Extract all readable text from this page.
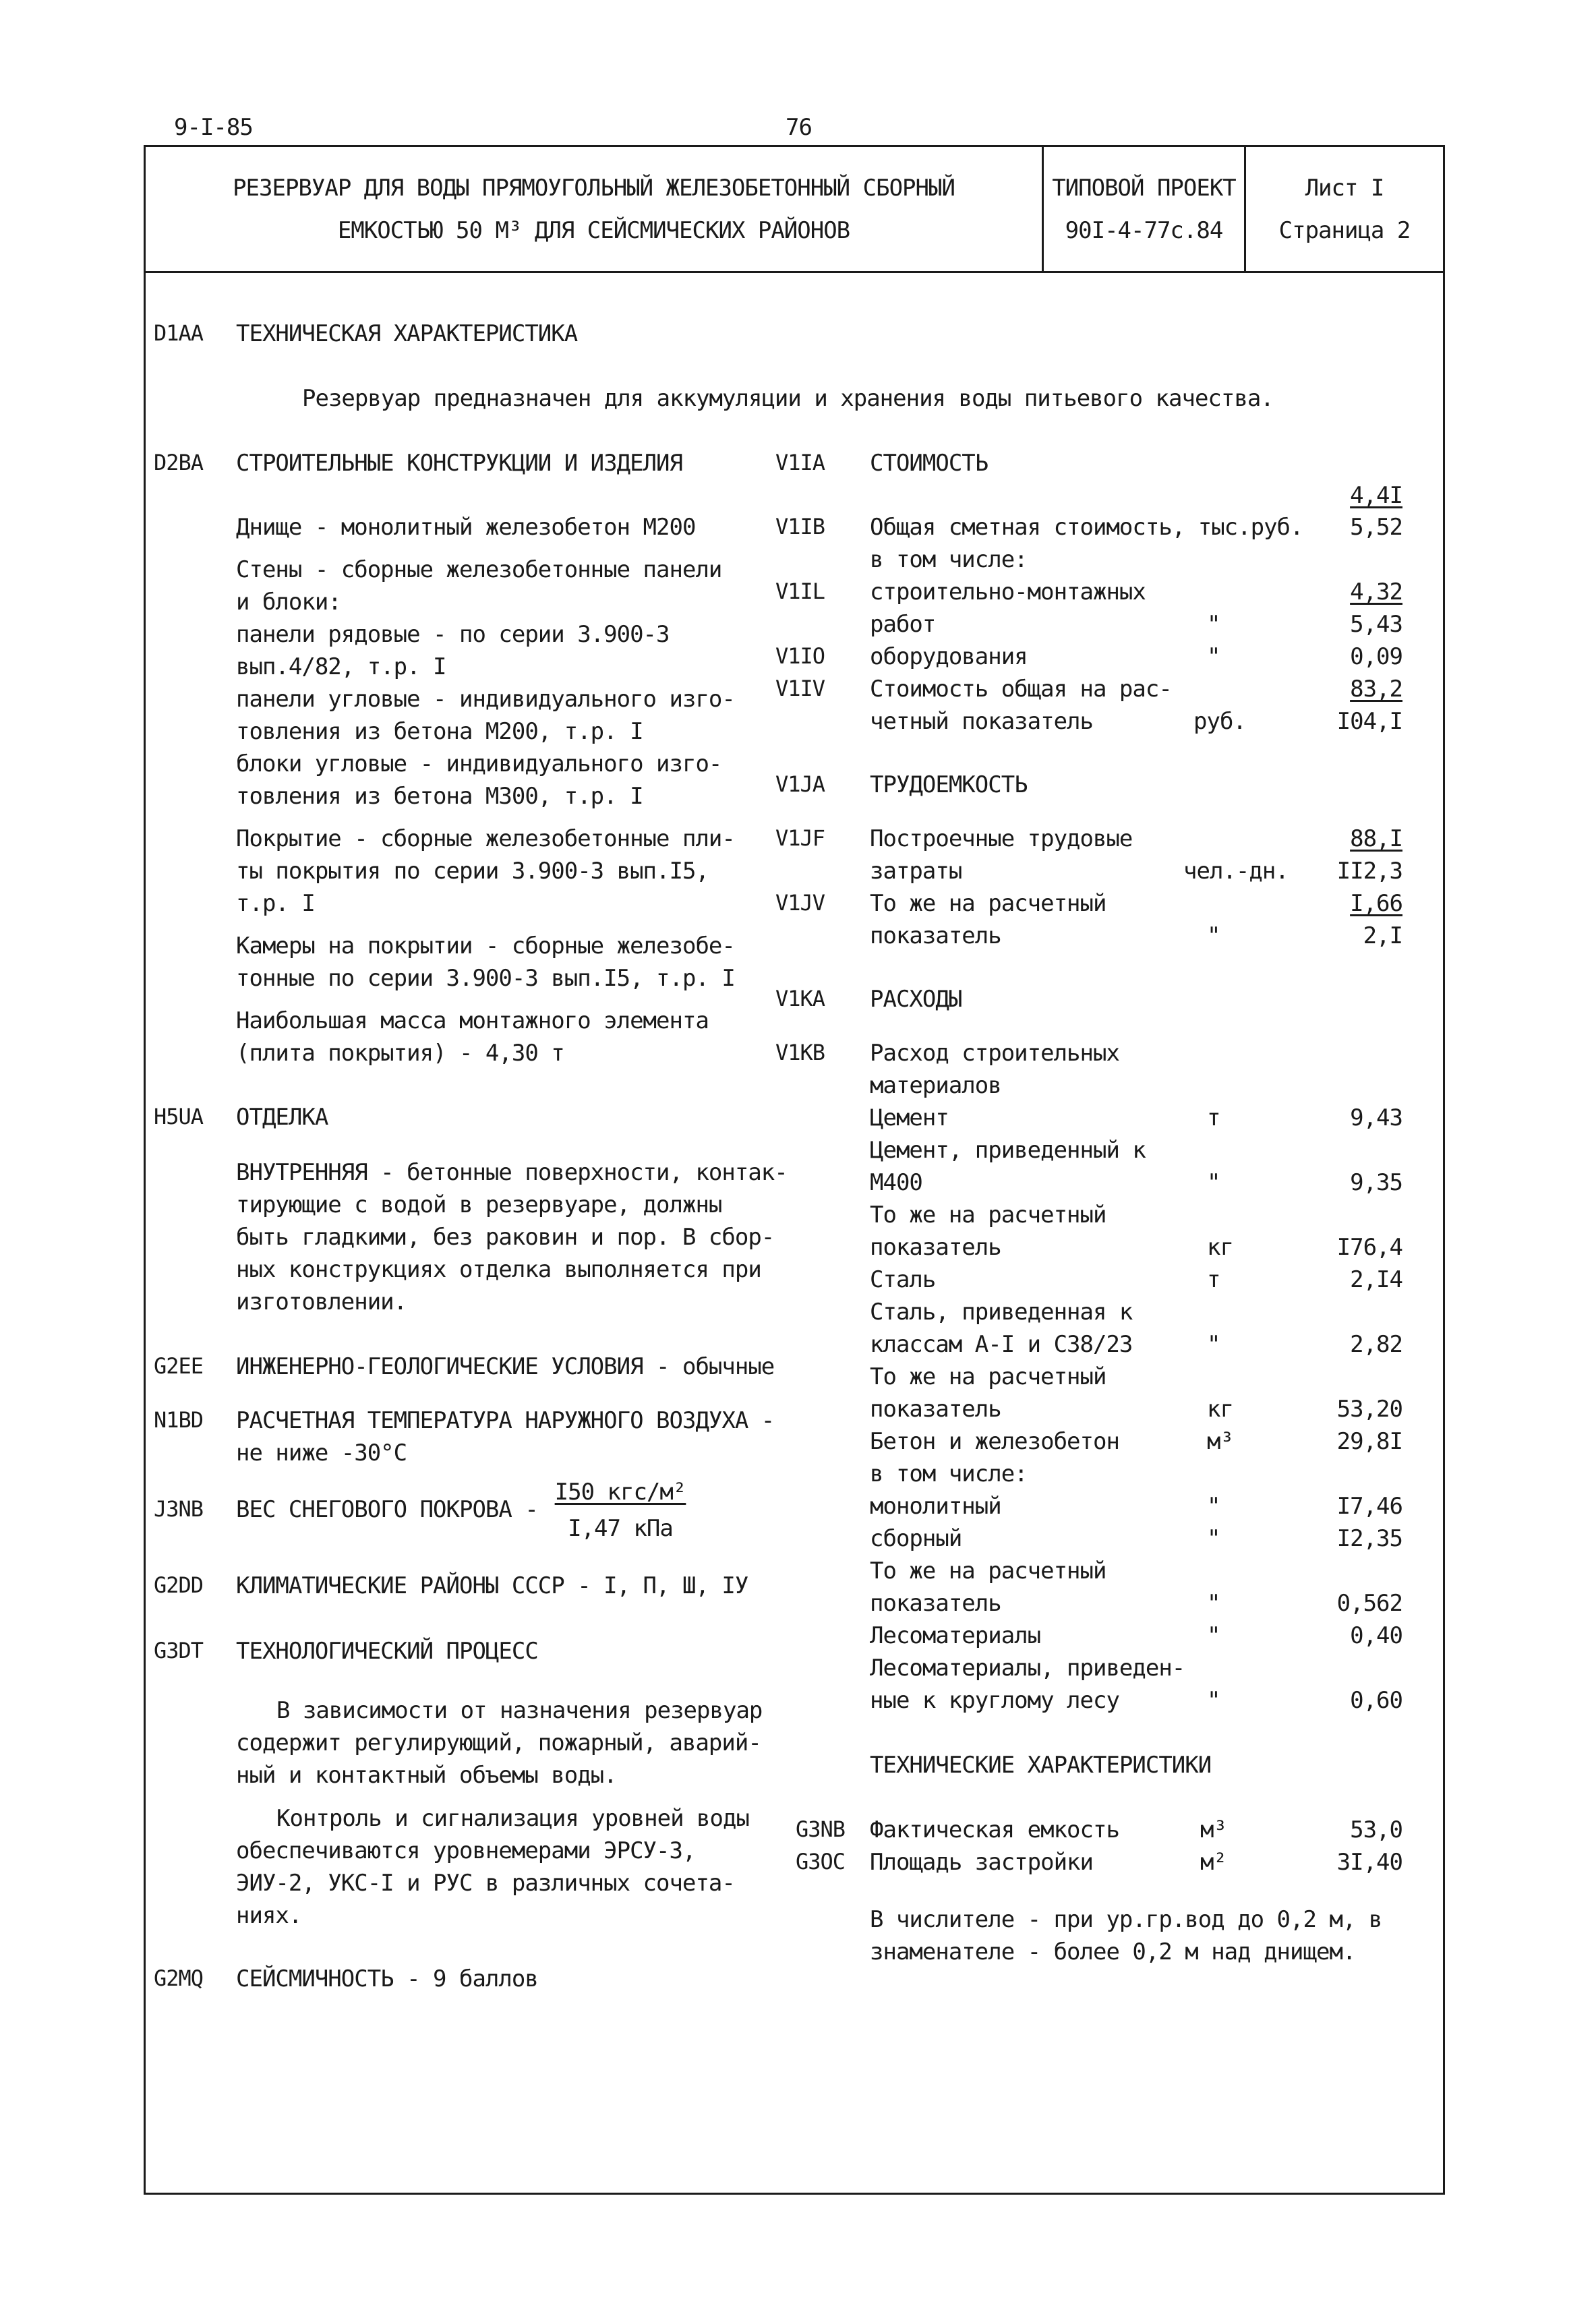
9-I-85	76
РЕЗЕРВУАР ДЛЯ ВОДЫ ПРЯМОУГОЛЬНЫЙ ЖЕЛЕЗОБЕТОННЫЙ СБОРНЫЙ
ЕМКОСТЬЮ 50 М³ ДЛЯ СЕЙСМИЧЕСКИХ РАЙОНОВ
ТИПОВОЙ ПРОЕКТ
90I-4-77с.84
Лист I
Страница 2
D1AA ТЕХНИЧЕСКАЯ ХАРАКТЕРИСТИКА
Резервуар предназначен для аккумуляции и хранения воды питьевого качества.
D2BA СТРОИТЕЛЬНЫЕ КОНСТРУКЦИИ И ИЗДЕЛИЯ
Днище - монолитный железобетон М200
Стены - сборные железобетонные панели
и блоки:
панели рядовые - по серии 3.900-3
вып.4/82, т.р. I
панели угловые - индивидуального изго-
товления из бетона М200, т.р. I
блоки угловые - индивидуального изго-
товления из бетона М300, т.р. I
Покрытие - сборные железобетонные пли-
ты покрытия по серии 3.900-3 вып.I5,
т.р. I
Камеры на покрытии - сборные железобе-
тонные по серии 3.900-3 вып.I5, т.р. I
Наибольшая масса монтажного элемента
(плита покрытия) - 4,30 т
H5UA ОТДЕЛКА
ВНУТРЕННЯЯ - бетонные поверхности, контак-
тирующие с водой в резервуаре, должны
быть гладкими, без раковин и пор. В сбор-
ных конструкциях отделка выполняется при
изготовлении.
G2EE ИНЖЕНЕРНО-ГЕОЛОГИЧЕСКИЕ УСЛОВИЯ - обычные
N1BD РАСЧЕТНАЯ ТЕМПЕРАТУРА НАРУЖНОГО ВОЗДУХА -
не ниже -30°С
J3NB ВЕС СНЕГОВОГО ПОКРОВА -
I50 кгс/м²
I,47 кПа
G2DD КЛИМАТИЧЕСКИЕ РАЙОНЫ СССР - I, П, Ш, IУ
G3DT ТЕХНОЛОГИЧЕСКИЙ ПРОЦЕСС
В зависимости от назначения резервуар
содержит регулирующий, пожарный, аварий-
ный и контактный объемы воды.
Контроль и сигнализация уровней воды
обеспечиваются уровнемерами ЭРСУ-3,
ЭИУ-2, УКС-I и РУС в различных сочета-
ниях.
G2MQ СЕЙСМИЧНОСТЬ - 9 баллов
V1IA СТОИМОСТЬ
4,4I
V1IB Общая сметная стоимость, тыс.руб.	5,52
в том числе:
V1IL строительно-монтажных	4,32
работ	"	5,43
V1IO оборудования	"	0,09
V1IV Стоимость общая на рас-	83,2
четный показатель	руб.	I04,I
V1JA ТРУДОЕМКОСТЬ
V1JF Построечные трудовые	88,I
затраты	чел.-дн.	II2,3
V1JV То же на расчетный	I,66
показатель	"	2,I
V1KA РАСХОДЫ
V1KB Расход строительных
материалов
Цемент	т	9,43
Цемент, приведенный к
М400	"	9,35
То же на расчетный
показатель	кг	I76,4
Сталь	т	2,I4
Сталь, приведенная к
классам А-I и С38/23	"	2,82
То же на расчетный
показатель	кг	53,20
Бетон и железобетон	м³	29,8I
в том числе:
монолитный	"	I7,46
сборный	"	I2,35
То же на расчетный
показатель	"	0,562
Лесоматериалы	"	0,40
Лесоматериалы, приведен-
ные к круглому лесу	"	0,60
ТЕХНИЧЕСКИЕ ХАРАКТЕРИСТИКИ
G3NB Фактическая емкость	м³	53,0
G3OC Площадь застройки	м²	3I,40
В числителе - при ур.гр.вод до 0,2 м, в
знаменателе - более 0,2 м над днищем.
